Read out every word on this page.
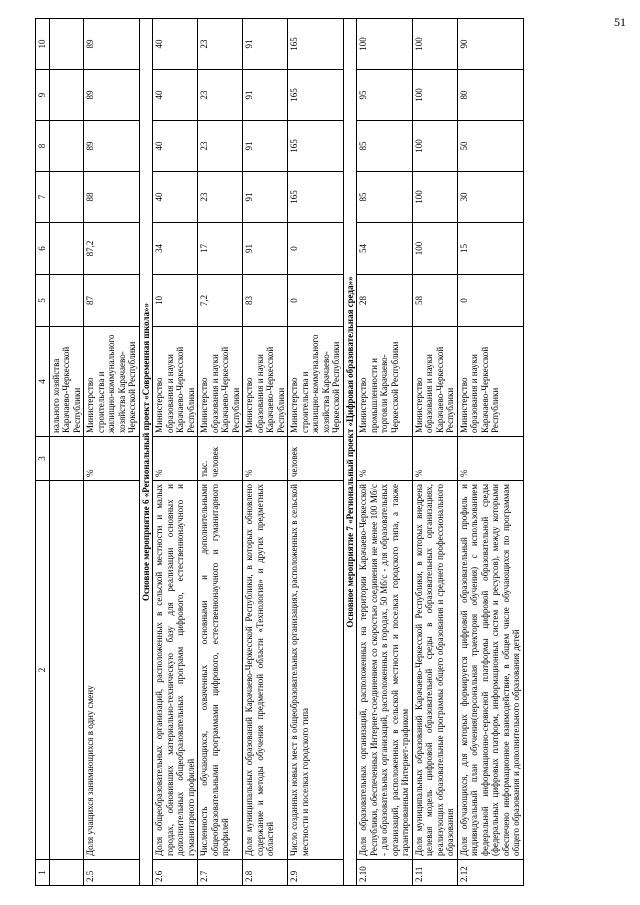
51
1	2	3	4	5	6	7	8	9	10
			нального хозяйства Карачаево-Черкесской Республики						
2.5	Доля учащихся занимающихся в одну смену	%	Министерство строительства и жилищно-коммунального хозяйства Карачаево-Черкесской Республики	87	87,2	88	89	89	89
Основное мероприятие 6 «Региональный проект «Современная школа»»									
2.6	Доля общеобразовательных организаций, расположенных в сельской местности и малых городах, обновивших материально-техническую базу для реализации основных и дополнительных общеобразовательных программ цифрового, естественнонаучного и гуманитарного профилей	%	Министерство образования и науки Карачаево-Черкесской Республики	10	34	40	40	40	40
2.7	Численность обучающихся, охваченных основными и дополнительными общеобразовательными программами цифрового, естественнонаучного и гуманитарного профилей	тыс. человек	Министерство образования и науки Карачаево-Черкесской Республики	7,2	17	23	23	23	23
2.8	Доля муниципальных образований Карачаево-Черкесской Республики, в которых обновлено содержание и методы обучения предметной области «Технология» и других предметных областей	%	Министерство образования и науки Карачаево-Черкесской Республики	83	91	91	91	91	91
2.9	Число созданных новых мест в общеобразовательных организациях, расположенных в сельской местности и поселках городского типа	человек	Министерство строительства и жилищно-коммунального хозяйства Карачаево-Черкесской Республики	0	0	165	165	165	165
Основное мероприятие 7 «Региональный проект «Цифровая образовательная среда»»									
2.10	Доля образовательных организаций, расположенных на территории Карачаево-Черкесской Республики, обеспеченных Интернет-соединением со скоростью соединения не менее 100 Мб/c - для образовательных организаций, расположенных в городах, 50 Мб/c - для образовательных организаций, расположенных в сельской местности и поселках городского типа, а также гарантированным Интернет-трафиком	%	Министерство промышленности и торговли Карачаево-Черкесской Республики	28	54	85	85	95	100
2.11	Доля муниципальных образований Карачаево-Черкесской Республики, в которых внедрена целевая модель цифровой образовательной среды в образовательных организациях, реализующих образовательные программы общего образования и среднего профессионального образования	%	Министерство образования и науки Карачаево-Черкесской Республики	58	100	100	100	100	100
2.12	Доля обучающихся, для которых формируется цифровой образовательный профиль и индивидуальный план обучения(персональная траектория обучения) с использованием федеральной информационно-сервисной платформы цифровой образовательной среды (федеральных цифровых платформ, информационных систем и ресурсов), между которыми обеспечено информационное взаимодействие, в общем числе обучающихся по программам общего образования и дополнительного образования детей	%	Министерство образования и науки Карачаево-Черкесской Республики	0	15	30	50	80	90
